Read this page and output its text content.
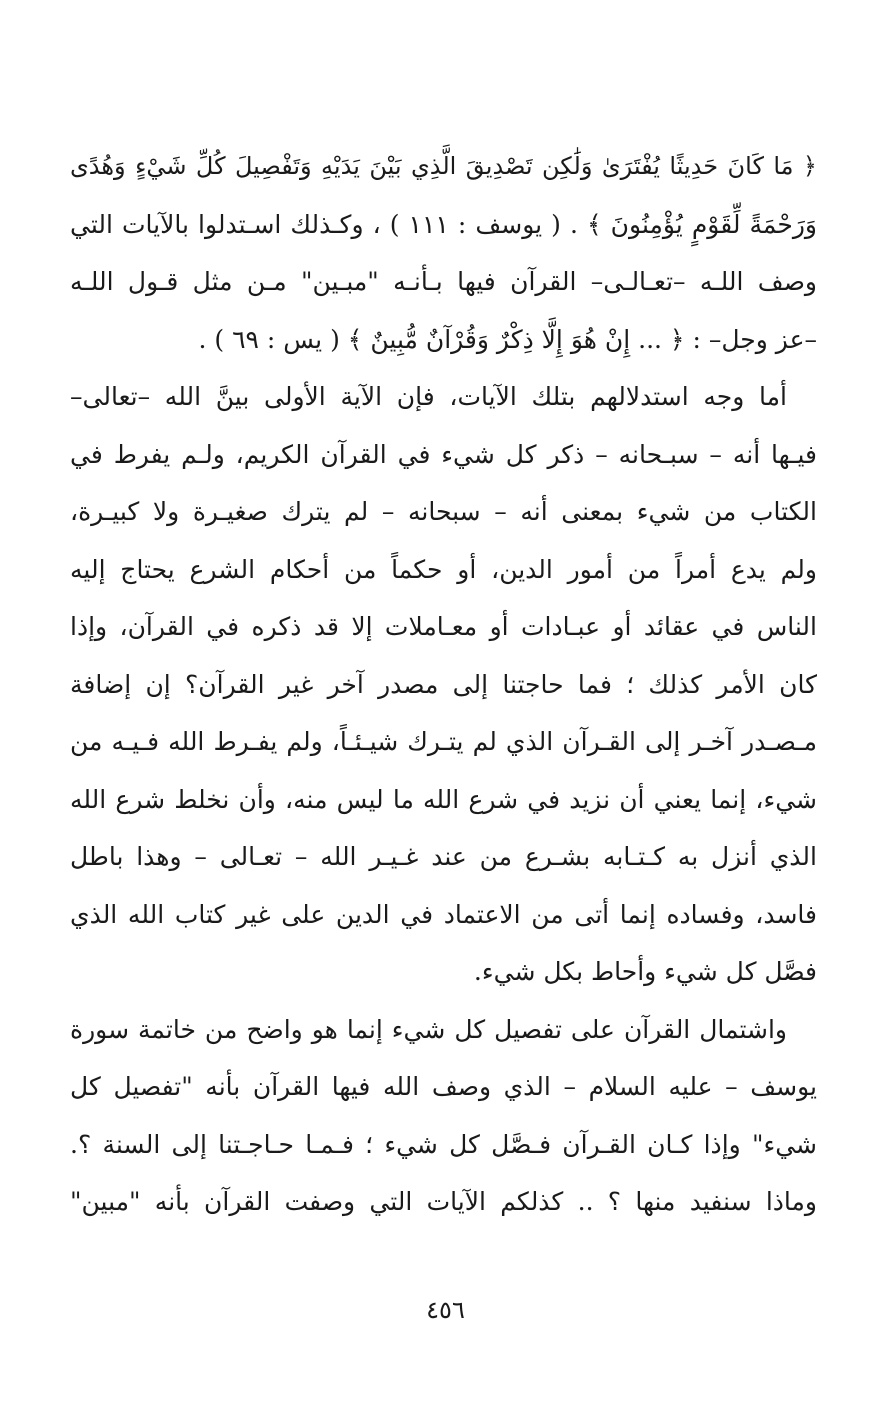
﴿ مَا كَانَ حَدِيثًا يُفْتَرَىٰ وَلَٰكِن تَصْدِيقَ الَّذِي بَيْنَ يَدَيْهِ وَتَفْصِيلَ كُلِّ شَيْءٍ وَهُدًى
وَرَحْمَةً لِّقَوْمٍ يُؤْمِنُونَ ﴾ . ( يوسف : ١١١ ) ، وكـذلك اسـتدلوا بالآيات التي
وصف اللـه –تعـالـى– القرآن فيها بـأنـه "مبـين" مـن مثل قـول اللـه
–عز وجل– : ﴿ ... إِنْ هُوَ إِلَّا ذِكْرٌ وَقُرْآنٌ مُّبِينٌ ﴾ ( يس : ٦٩ ) .
أما وجه استدلالهم بتلك الآيات، فإن الآية الأولى بينَّ الله –تعالى–
فيـها أنه – سبـحانه – ذكر كل شيء في القرآن الكريم، ولـم يفرط في
الكتاب من شيء بمعنى أنه – سبحانه – لم يترك صغيـرة ولا كبيـرة،
ولم يدع أمراً من أمور الدين، أو حكماً من أحكام الشرع يحتاج إليه
الناس في عقائد أو عبـادات أو معـاملات إلا قد ذكره في القرآن، وإذا
كان الأمر كذلك ؛ فما حاجتنا إلى مصدر آخر غير القرآن؟ إن إضافة
مـصـدر آخـر إلى القـرآن الذي لم يتـرك شيـئـاً، ولم يفـرط الله فـيـه من
شيء، إنما يعني أن نزيد في شرع الله ما ليس منه، وأن نخلط شرع الله
الذي أنزل به كـتـابه بشـرع من عند غـيـر الله – تعـالى – وهذا باطل
فاسد، وفساده إنما أتى من الاعتماد في الدين على غير كتاب الله الذي
فصَّل كل شيء وأحاط بكل شيء.
واشتمال القرآن على تفصيل كل شيء إنما هو واضح من خاتمة سورة
يوسف – عليه السلام – الذي وصف الله فيها القرآن بأنه "تفصيل كل
شيء" وإذا كـان القـرآن فـصَّل كل شيء ؛ فـمـا حـاجـتنا إلى السنة ؟.
وماذا سنفيد منها ؟ .. كذلكم الآيات التي وصفت القرآن بأنه "مبين"
٤٥٦
